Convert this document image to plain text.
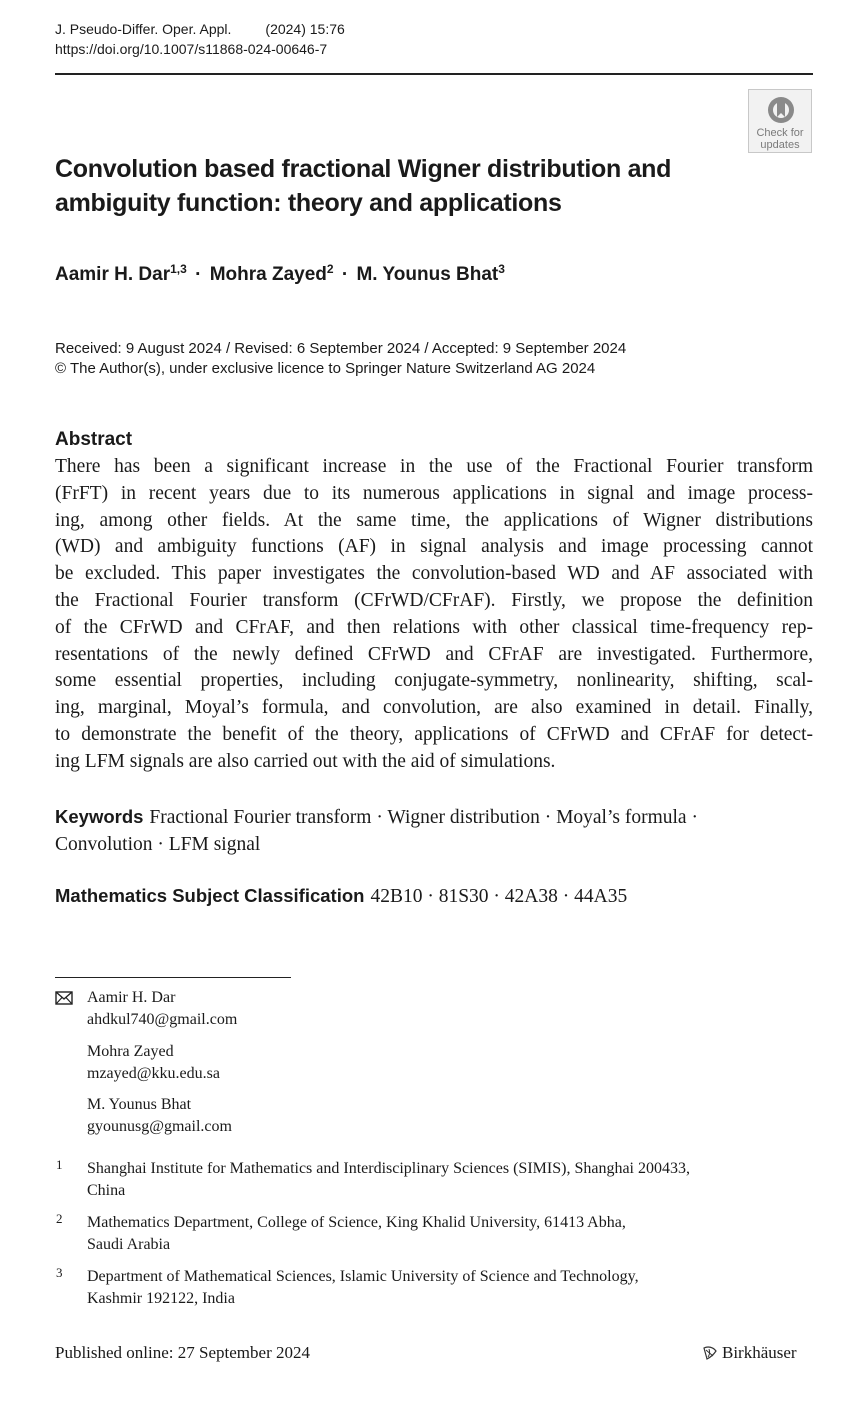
J. Pseudo-Differ. Oper. Appl. (2024) 15:76
https://doi.org/10.1007/s11868-024-00646-7
Check for
updates
Convolution based fractional Wigner distribution and
ambiguity function: theory and applications
Aamir H. Dar$^{1,3}$ · Mohra Zayed$^2$ · M. Younus Bhat$^3$
Received: 9 August 2024 / Revised: 6 September 2024 / Accepted: 9 September 2024
© The Author(s), under exclusive licence to Springer Nature Switzerland AG 2024
Abstract
There has been a significant increase in the use of the Fractional Fourier transform
(FrFT) in recent years due to its numerous applications in signal and image process-
ing, among other fields. At the same time, the applications of Wigner distributions
(WD) and ambiguity functions (AF) in signal analysis and image processing cannot
be excluded. This paper investigates the convolution-based WD and AF associated with
the Fractional Fourier transform (CFrWD/CFrAF). Firstly, we propose the definition
of the CFrWD and CFrAF, and then relations with other classical time-frequency rep-
resentations of the newly defined CFrWD and CFrAF are investigated. Furthermore,
some essential properties, including conjugate-symmetry, nonlinearity, shifting, scal-
ing, marginal, Moyal’s formula, and convolution, are also examined in detail. Finally,
to demonstrate the benefit of the theory, applications of CFrWD and CFrAF for detect-
ing LFM signals are also carried out with the aid of simulations.
Keywords Fractional Fourier transform · Wigner distribution · Moyal’s formula ·
Convolution · LFM signal
Mathematics Subject Classification 42B10 · 81S30 · 42A38 · 44A35
Aamir H. Dar
ahdkul740@gmail.com
Mohra Zayed
mzayed@kku.edu.sa
M. Younus Bhat
gyounusg@gmail.com
1 Shanghai Institute for Mathematics and Interdisciplinary Sciences (SIMIS), Shanghai 200433,
China
2 Mathematics Department, College of Science, King Khalid University, 61413 Abha,
Saudi Arabia
3 Department of Mathematical Sciences, Islamic University of Science and Technology,
Kashmir 192122, India
Published online: 27 September 2024	Birkhäuser
